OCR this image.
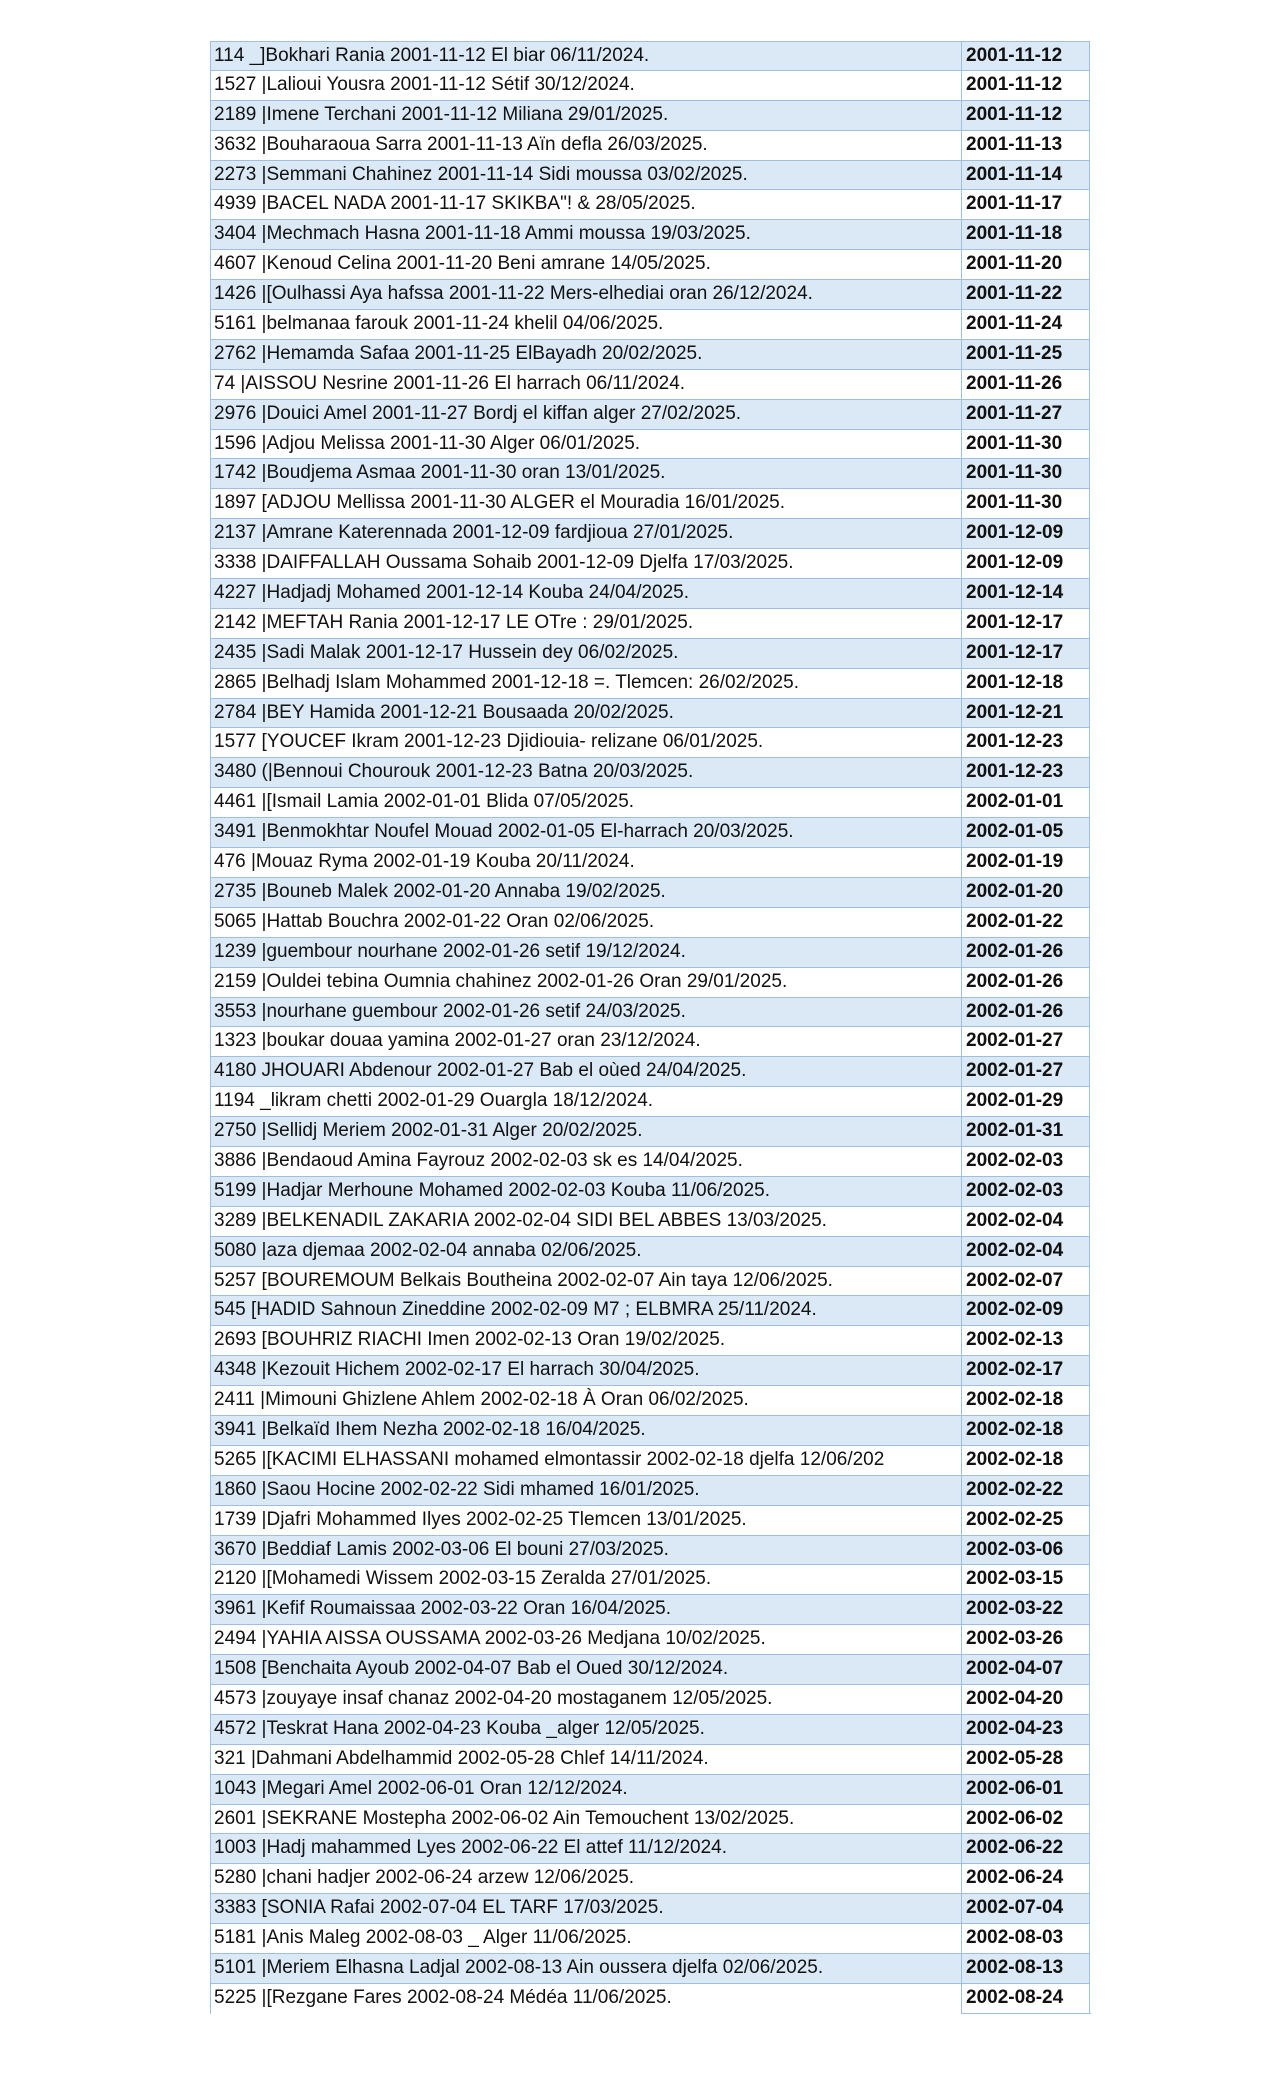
114 _]Bokhari Rania 2001-11-12 El biar 06/11/2024.	2001-11-12
1527 |Lalioui Yousra 2001-11-12 Sétif 30/12/2024.	2001-11-12
2189 |Imene Terchani 2001-11-12 Miliana 29/01/2025.	2001-11-12
3632 |Bouharaoua Sarra 2001-11-13 Aïn defla 26/03/2025.	2001-11-13
2273 |Semmani Chahinez 2001-11-14 Sidi moussa 03/02/2025.	2001-11-14
4939 |BACEL NADA 2001-11-17 SKIKBA"! & 28/05/2025.	2001-11-17
3404 |Mechmach Hasna 2001-11-18 Ammi moussa 19/03/2025.	2001-11-18
4607 |Kenoud Celina 2001-11-20 Beni amrane 14/05/2025.	2001-11-20
1426 |[Oulhassi Aya hafssa 2001-11-22 Mers-elhediai oran 26/12/2024.	2001-11-22
5161 |belmanaa farouk 2001-11-24 khelil 04/06/2025.	2001-11-24
2762 |Hemamda Safaa 2001-11-25 ElBayadh 20/02/2025.	2001-11-25
74 |AISSOU Nesrine 2001-11-26 El harrach 06/11/2024.	2001-11-26
2976 |Douici Amel 2001-11-27 Bordj el kiffan alger 27/02/2025.	2001-11-27
1596 |Adjou Melissa 2001-11-30 Alger 06/01/2025.	2001-11-30
1742 |Boudjema Asmaa 2001-11-30 oran 13/01/2025.	2001-11-30
1897 [ADJOU Mellissa 2001-11-30 ALGER el Mouradia 16/01/2025.	2001-11-30
2137 |Amrane Katerennada 2001-12-09 fardjioua 27/01/2025.	2001-12-09
3338 |DAIFFALLAH Oussama Sohaib 2001-12-09 Djelfa 17/03/2025.	2001-12-09
4227 |Hadjadj Mohamed 2001-12-14 Kouba 24/04/2025.	2001-12-14
2142 |MEFTAH Rania 2001-12-17 LE OTre : 29/01/2025.	2001-12-17
2435 |Sadi Malak 2001-12-17 Hussein dey 06/02/2025.	2001-12-17
2865 |Belhadj Islam Mohammed 2001-12-18 =. Tlemcen: 26/02/2025.	2001-12-18
2784 |BEY Hamida 2001-12-21 Bousaada 20/02/2025.	2001-12-21
1577 [YOUCEF Ikram 2001-12-23 Djidiouia- relizane 06/01/2025.	2001-12-23
3480 (|Bennoui Chourouk 2001-12-23 Batna 20/03/2025.	2001-12-23
4461 |[Ismail Lamia 2002-01-01 Blida 07/05/2025.	2002-01-01
3491 |Benmokhtar Noufel Mouad 2002-01-05 El-harrach 20/03/2025.	2002-01-05
476 |Mouaz Ryma 2002-01-19 Kouba 20/11/2024.	2002-01-19
2735 |Bouneb Malek 2002-01-20 Annaba 19/02/2025.	2002-01-20
5065 |Hattab Bouchra 2002-01-22 Oran 02/06/2025.	2002-01-22
1239 |guembour nourhane 2002-01-26 setif 19/12/2024.	2002-01-26
2159 |Ouldei tebina Oumnia chahinez 2002-01-26 Oran 29/01/2025.	2002-01-26
3553 |nourhane guembour 2002-01-26 setif 24/03/2025.	2002-01-26
1323 |boukar douaa yamina 2002-01-27 oran 23/12/2024.	2002-01-27
4180 JHOUARI Abdenour 2002-01-27 Bab el oùed 24/04/2025.	2002-01-27
1194 _likram chetti 2002-01-29 Ouargla 18/12/2024.	2002-01-29
2750 |Sellidj Meriem 2002-01-31 Alger 20/02/2025.	2002-01-31
3886 |Bendaoud Amina Fayrouz 2002-02-03 sk es 14/04/2025.	2002-02-03
5199 |Hadjar Merhoune Mohamed 2002-02-03 Kouba 11/06/2025.	2002-02-03
3289 |BELKENADIL ZAKARIA 2002-02-04 SIDI BEL ABBES 13/03/2025.	2002-02-04
5080 |aza djemaa 2002-02-04 annaba 02/06/2025.	2002-02-04
5257 [BOUREMOUM Belkais Boutheina 2002-02-07 Ain taya 12/06/2025.	2002-02-07
545 [HADID Sahnoun Zineddine 2002-02-09 M7 ; ELBMRA 25/11/2024.	2002-02-09
2693 [BOUHRIZ RIACHI Imen 2002-02-13 Oran 19/02/2025.	2002-02-13
4348 |Kezouit Hichem 2002-02-17 El harrach 30/04/2025.	2002-02-17
2411 |Mimouni Ghizlene Ahlem 2002-02-18 À Oran 06/02/2025.	2002-02-18
3941 |Belkaïd Ihem Nezha 2002-02-18 16/04/2025.	2002-02-18
5265 |[KACIMI ELHASSANI mohamed elmontassir 2002-02-18 djelfa 12/06/202	2002-02-18
1860 |Saou Hocine 2002-02-22 Sidi mhamed 16/01/2025.	2002-02-22
1739 |Djafri Mohammed Ilyes 2002-02-25 Tlemcen 13/01/2025.	2002-02-25
3670 |Beddiaf Lamis 2002-03-06 El bouni 27/03/2025.	2002-03-06
2120 |[Mohamedi Wissem 2002-03-15 Zeralda 27/01/2025.	2002-03-15
3961 |Kefif Roumaissaa 2002-03-22 Oran 16/04/2025.	2002-03-22
2494 |YAHIA AISSA OUSSAMA 2002-03-26 Medjana 10/02/2025.	2002-03-26
1508 [Benchaita Ayoub 2002-04-07 Bab el Oued 30/12/2024.	2002-04-07
4573 |zouyaye insaf chanaz 2002-04-20 mostaganem 12/05/2025.	2002-04-20
4572 |Teskrat Hana 2002-04-23 Kouba _alger 12/05/2025.	2002-04-23
321 |Dahmani Abdelhammid 2002-05-28 Chlef 14/11/2024.	2002-05-28
1043 |Megari Amel 2002-06-01 Oran 12/12/2024.	2002-06-01
2601 |SEKRANE Mostepha 2002-06-02 Ain Temouchent 13/02/2025.	2002-06-02
1003 |Hadj mahammed Lyes 2002-06-22 El attef 11/12/2024.	2002-06-22
5280 |chani hadjer 2002-06-24 arzew 12/06/2025.	2002-06-24
3383 [SONIA Rafai 2002-07-04 EL TARF 17/03/2025.	2002-07-04
5181 |Anis Maleg 2002-08-03 _ Alger 11/06/2025.	2002-08-03
5101 |Meriem Elhasna Ladjal 2002-08-13 Ain oussera djelfa 02/06/2025.	2002-08-13
5225 |[Rezgane Fares 2002-08-24 Médéa 11/06/2025.	2002-08-24
